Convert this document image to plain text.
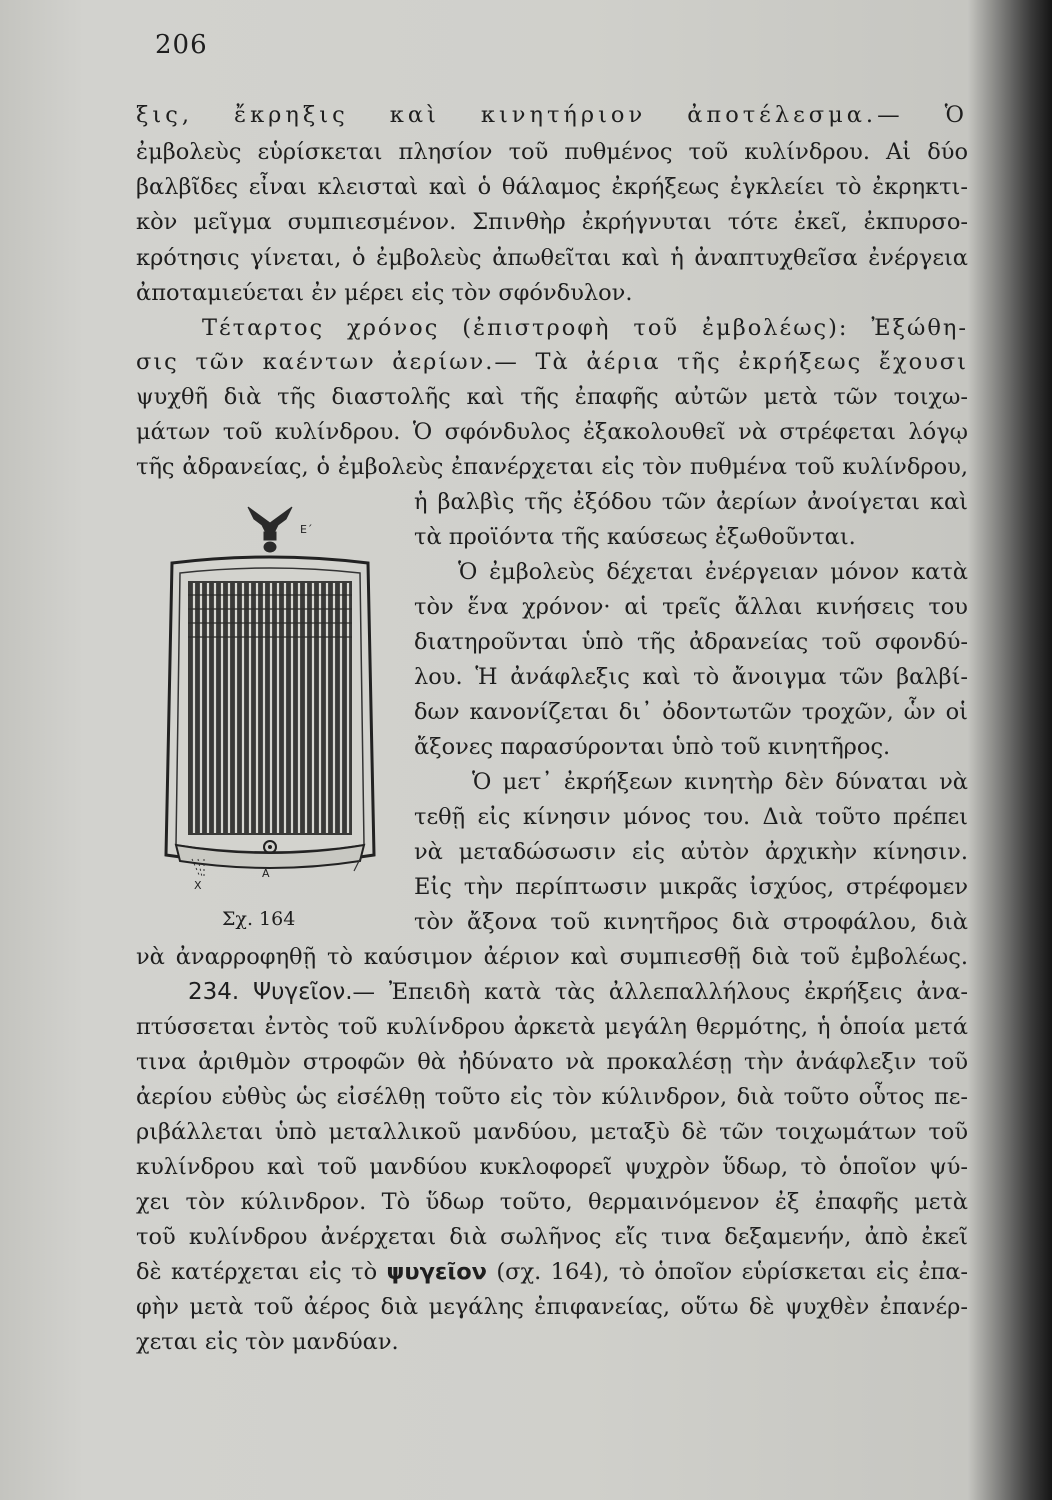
206
ξις, ἔκρηξις καὶ κινητήριον ἀποτέλεσμα.— Ὁ
ἐμβολεὺς εὑρίσκεται πλησίον τοῦ πυθμένος τοῦ κυλίνδρου. Αἱ δύο
βαλβῖδες εἶναι κλεισταὶ καὶ ὁ θάλαμος ἐκρήξεως ἐγκλείει τὸ ἐκρηκτι-
κὸν μεῖγμα συμπιεσμένον. Σπινθὴρ ἐκρήγνυται τότε ἐκεῖ, ἐκπυρσο-
κρότησις γίνεται, ὁ ἐμβολεὺς ἀπωθεῖται καὶ ἡ ἀναπτυχθεῖσα ἐνέργεια
ἀποταμιεύεται ἐν μέρει εἰς τὸν σφόνδυλον.
Τέταρτος χρόνος (ἐπιστροφὴ τοῦ ἐμβολέως): Ἐξώθη-
σις τῶν καέντων ἀερίων.— Τὰ ἀέρια τῆς ἐκρήξεως ἔχουσι
ψυχθῆ διὰ τῆς διαστολῆς καὶ τῆς ἐπαφῆς αὐτῶν μετὰ τῶν τοιχω-
μάτων τοῦ κυλίνδρου. Ὁ σφόνδυλος ἐξακολουθεῖ νὰ στρέφεται λόγῳ
τῆς ἀδρανείας, ὁ ἐμβολεὺς ἐπανέρχεται εἰς τὸν πυθμένα τοῦ κυλίνδρου,
Ε΄
Α
Χ
Σχ. 164
ἡ βαλβὶς τῆς ἐξόδου τῶν ἀερίων ἀνοίγεται καὶ
τὰ προϊόντα τῆς καύσεως ἐξωθοῦνται.
Ὁ ἐμβολεὺς δέχεται ἐνέργειαν μόνον κατὰ
τὸν ἕνα χρόνον· αἱ τρεῖς ἄλλαι κινήσεις του
διατηροῦνται ὑπὸ τῆς ἀδρανείας τοῦ σφονδύ-
λου. Ἡ ἀνάφλεξις καὶ τὸ ἄνοιγμα τῶν βαλβί-
δων κανονίζεται δι᾽ ὀδοντωτῶν τροχῶν, ὧν οἱ
ἄξονες παρασύρονται ὑπὸ τοῦ κινητῆρος.
Ὁ μετ᾽ ἐκρήξεων κινητὴρ δὲν δύναται νὰ
τεθῇ εἰς κίνησιν μόνος του. Διὰ τοῦτο πρέπει
νὰ μεταδώσωσιν εἰς αὐτὸν ἀρχικὴν κίνησιν.
Εἰς τὴν περίπτωσιν μικρᾶς ἰσχύος, στρέφομεν
τὸν ἄξονα τοῦ κινητῆρος διὰ στροφάλου, διὰ
νὰ ἀναρροφηθῇ τὸ καύσιμον ἀέριον καὶ συμπιεσθῇ διὰ τοῦ ἐμβολέως.
234. Ψυγεῖον.— Ἐπειδὴ κατὰ τὰς ἀλλεπαλλήλους ἐκρήξεις ἀνα-
πτύσσεται ἐντὸς τοῦ κυλίνδρου ἀρκετὰ μεγάλη θερμότης, ἡ ὁποία μετά
τινα ἀριθμὸν στροφῶν θὰ ἠδύνατο νὰ προκαλέσῃ τὴν ἀνάφλεξιν τοῦ
ἀερίου εὐθὺς ὡς εἰσέλθῃ τοῦτο εἰς τὸν κύλινδρον, διὰ τοῦτο οὗτος πε-
ριβάλλεται ὑπὸ μεταλλικοῦ μανδύου, μεταξὺ δὲ τῶν τοιχωμάτων τοῦ
κυλίνδρου καὶ τοῦ μανδύου κυκλοφορεῖ ψυχρὸν ὕδωρ, τὸ ὁποῖον ψύ-
χει τὸν κύλινδρον. Τὸ ὕδωρ τοῦτο, θερμαινόμενον ἐξ ἐπαφῆς μετὰ
τοῦ κυλίνδρου ἀνέρχεται διὰ σωλῆνος εἴς τινα δεξαμενήν, ἀπὸ ἐκεῖ
δὲ κατέρχεται εἰς τὸ ψυγεῖον (σχ. 164), τὸ ὁποῖον εὑρίσκεται εἰς ἐπα-
φὴν μετὰ τοῦ ἀέρος διὰ μεγάλης ἐπιφανείας, οὕτω δὲ ψυχθὲν ἐπανέρ-
χεται εἰς τὸν μανδύαν.
